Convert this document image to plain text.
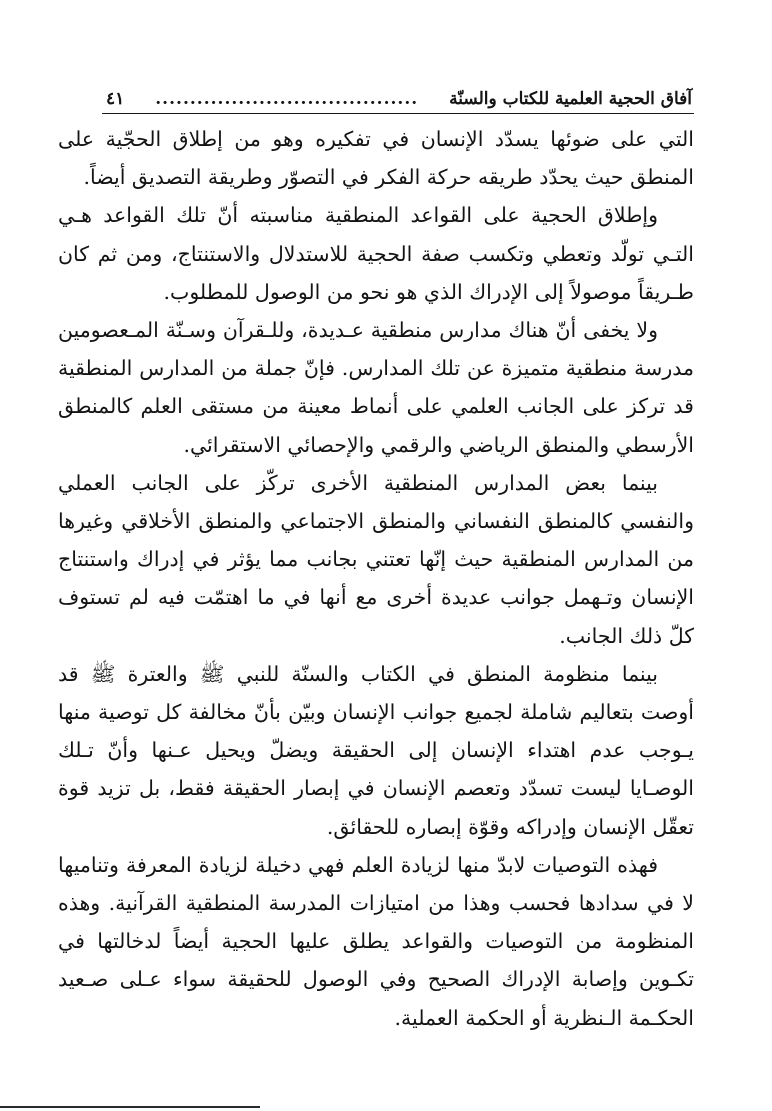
آفاق الحجية العلمية للكتاب والسنّة
......................................
٤١

التي على ضوئها يسدّد الإنسان في تفكيره وهو من إطلاق الحجّية على المنطق حيث يحدّد طريقه حركة الفكر في التصوّر وطريقة التصديق أيضاً.

وإطلاق الحجية على القواعد المنطقية مناسبته أنّ تلك القواعد هـي التـي تولّد وتعطي وتكسب صفة الحجية للاستدلال والاستنتاج، ومن ثم كان طـريقاً موصولاً إلى الإدراك الذي هو نحو من الوصول للمطلوب.

ولا يخفى أنّ هناك مدارس منطقية عـديدة، وللـقرآن وسـنّة المـعصومين مدرسة منطقية متميزة عن تلك المدارس. فإنّ جملة من المدارس المنطقية قد تركز على الجانب العلمي على أنماط معينة من مستقى العلم كالمنطق الأرسطي والمنطق الرياضي والرقمي والإحصائي الاستقرائي.

بينما بعض المدارس المنطقية الأخرى تركّز على الجانب العملي والنفسي كالمنطق النفساني والمنطق الاجتماعي والمنطق الأخلاقي وغيرها من المدارس المنطقية حيث إنّها تعتني بجانب مما يؤثر في إدراك واستنتاج الإنسان وتـهمل جوانب عديدة أخرى مع أنها في ما اهتمّت فيه لم تستوف كلّ ذلك الجانب.

بينما منظومة المنطق في الكتاب والسنّة للنبي ﷺ والعترة ﷺ قد أوصت بتعاليم شاملة لجميع جوانب الإنسان وبيّن بأنّ مخالفة كل توصية منها يـوجب عدم اهتداء الإنسان إلى الحقيقة ويضلّ ويحيل عـنها وأنّ تـلك الوصـايا ليست تسدّد وتعصم الإنسان في إبصار الحقيقة فقط، بل تزيد قوة تعقّل الإنسان وإدراكه وقوّة إبصاره للحقائق.

فهذه التوصيات لابدّ منها لزيادة العلم فهي دخيلة لزيادة المعرفة وتناميها لا في سدادها فحسب وهذا من امتيازات المدرسة المنطقية القرآنية. وهذه المنظومة من التوصيات والقواعد يطلق عليها الحجية أيضاً لدخالتها في تكـوين وإصابة الإدراك الصحيح وفي الوصول للحقيقة سواء عـلى صـعيد الحكـمة الـنظرية أو الحكمة العملية.
